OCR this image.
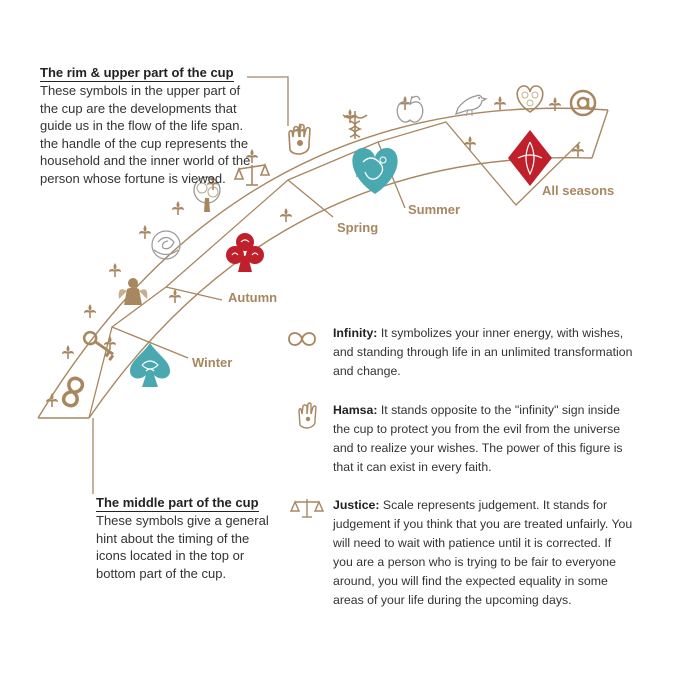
Winter
Autumn
Spring
Summer
All seasons
The rim & upper part of the cup
These symbols in the upper part of the cup are the developments that guide us in the flow of the life span. the handle of the cup represents the household and the inner world of the person whose fortune is viewed.
The middle part of the cup
These symbols give a general hint about the timing of the icons located in the top or bottom part of the cup.
Infinity: It symbolizes your inner energy, with wishes, and standing through life in an unlimited transformation and change.
Hamsa: It stands opposite to the "infinity" sign inside the cup to protect you from the evil from the universe and to realize your wishes. The power of this figure is that it can exist in every faith.
Justice: Scale represents judgement. It stands for judgement if you think that you are treated unfairly. You will need to wait with patience until it is corrected. If you are a person who is trying to be fair to everyone around, you will find the expected equality in some areas of your life during the upcoming days.
